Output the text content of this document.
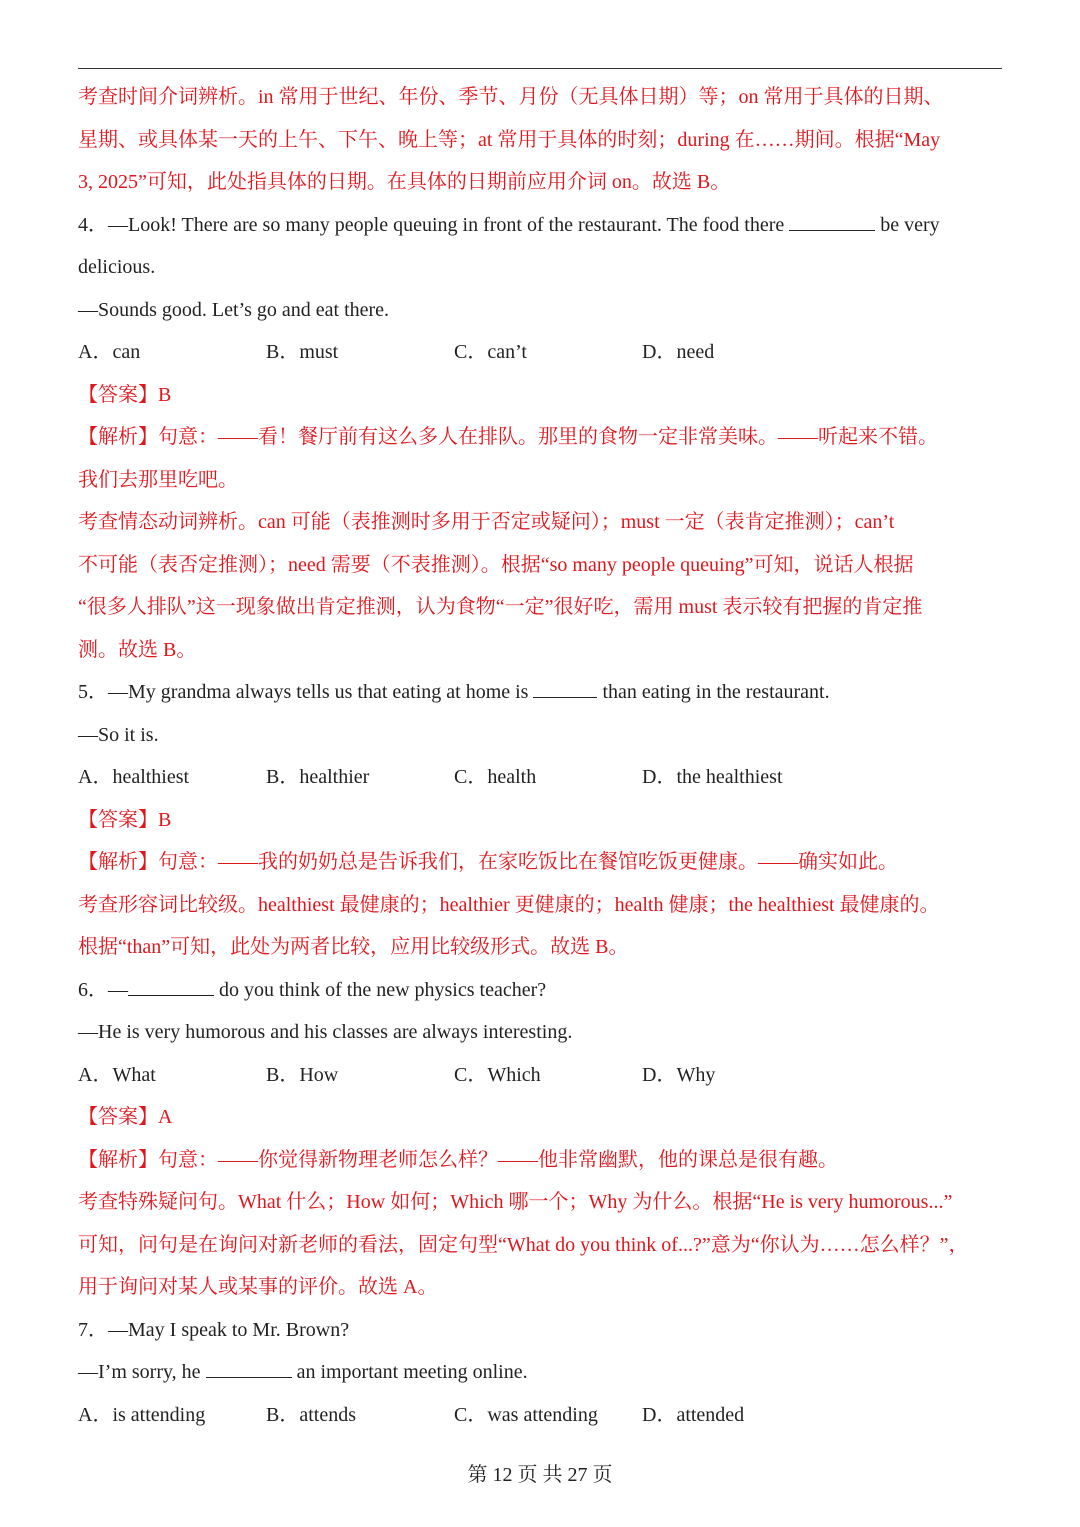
考查时间介词辨析。in 常用于世纪、年份、季节、月份（无具体日期）等；on 常用于具体的日期、
星期、或具体某一天的上午、下午、晚上等；at 常用于具体的时刻；during 在……期间。根据“May
3, 2025”可知，此处指具体的日期。在具体的日期前应用介词 on。故选 B。
4．—Look! There are so many people queuing in front of the restaurant. The food there	be very
delicious.
—Sounds good. Let’s go and eat there.
A．can	B．must	C．can’t	D．need
【答案】B
【解析】句意：——看！餐厅前有这么多人在排队。那里的食物一定非常美味。——听起来不错。
我们去那里吃吧。
考查情态动词辨析。can 可能（表推测时多用于否定或疑问）；must 一定（表肯定推测）；can’t
不可能（表否定推测）；need 需要（不表推测）。根据“so many people queuing”可知，说话人根据
“很多人排队”这一现象做出肯定推测，认为食物“一定”很好吃，需用 must 表示较有把握的肯定推
测。故选 B。
5．—My grandma always tells us that eating at home is	than eating in the restaurant.
—So it is.
A．healthiest	B．healthier	C．health	D．the healthiest
【答案】B
【解析】句意：——我的奶奶总是告诉我们，在家吃饭比在餐馆吃饭更健康。——确实如此。
考查形容词比较级。healthiest 最健康的；healthier 更健康的；health 健康；the healthiest 最健康的。
根据“than”可知，此处为两者比较，应用比较级形式。故选 B。
6．—	do you think of the new physics teacher?
—He is very humorous and his classes are always interesting.
A．What	B．How	C．Which	D．Why
【答案】A
【解析】句意：——你觉得新物理老师怎么样？——他非常幽默，他的课总是很有趣。
考查特殊疑问句。What 什么；How 如何；Which 哪一个；Why 为什么。根据“He is very humorous...”
可知，问句是在询问对新老师的看法，固定句型“What do you think of...?”意为“你认为……怎么样？”，
用于询问对某人或某事的评价。故选 A。
7．—May I speak to Mr. Brown?
—I’m sorry, he	an important meeting online.
A．is attending	B．attends	C．was attending	D．attended
第 12 页 共 27 页
